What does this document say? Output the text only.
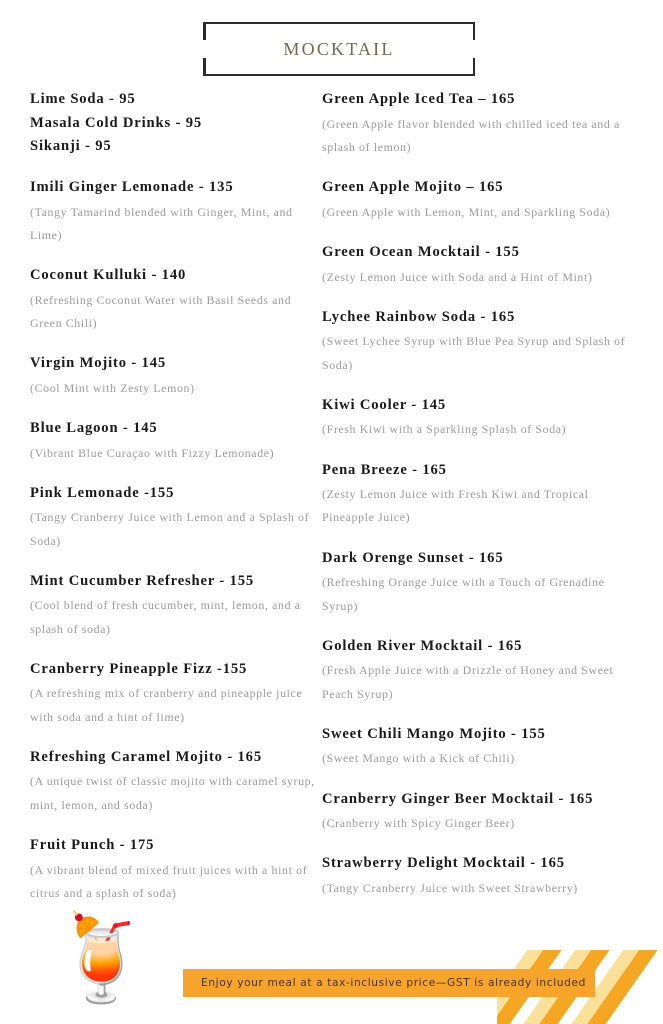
mocktail
Lime Soda - 95
Masala Cold Drinks - 95
Sikanji - 95
Imili Ginger Lemonade - 135
(Tangy Tamarind blended with Ginger, Mint, and Lime)
Coconut Kulluki - 140
(Refreshing Coconut Water with Basil Seeds and Green Chili)
Virgin Mojito - 145
(Cool Mint with Zesty Lemon)
Blue Lagoon - 145
(Vibrant Blue Curaçao with Fizzy Lemonade)
Pink Lemonade -155
(Tangy Cranberry Juice with Lemon and a Splash of Soda)
Mint Cucumber Refresher - 155
(Cool blend of fresh cucumber, mint, lemon, and a splash of soda)
Cranberry Pineapple Fizz -155
(A refreshing mix of cranberry and pineapple juice with soda and a hint of lime)
Refreshing Caramel Mojito - 165
(A unique twist of classic mojito with caramel syrup, mint, lemon, and soda)
Fruit Punch - 175
(A vibrant blend of mixed fruit juices with a hint of citrus and a splash of soda)
Green Apple Iced Tea – 165
(Green Apple flavor blended with chilled iced tea and a splash of lemon)
Green Apple Mojito – 165
(Green Apple with Lemon, Mint, and Sparkling Soda)
Green Ocean Mocktail - 155
(Zesty Lemon Juice with Soda and a Hint of Mint)
Lychee Rainbow Soda - 165
(Sweet Lychee Syrup with Blue Pea Syrup and Splash of Soda)
Kiwi Cooler - 145
(Fresh Kiwi with a Sparkling Splash of Soda)
Pena Breeze - 165
(Zesty Lemon Juice with Fresh Kiwi and Tropical Pineapple Juice)
Dark Orenge Sunset - 165
(Refreshing Orange Juice with a Touch of Grenadine Syrup)
Golden River Mocktail - 165
(Fresh Apple Juice with a Drizzle of Honey and Sweet Peach Syrup)
Sweet Chili Mango Mojito - 155
(Sweet Mango with a Kick of Chili)
Cranberry Ginger Beer Mocktail - 165
(Cranberry with Spicy Ginger Beer)
Strawberry Delight Mocktail - 165
(Tangy Cranberry Juice with Sweet Strawberry)
🍹	Enjoy your meal at a tax-inclusive price—GST is already included
